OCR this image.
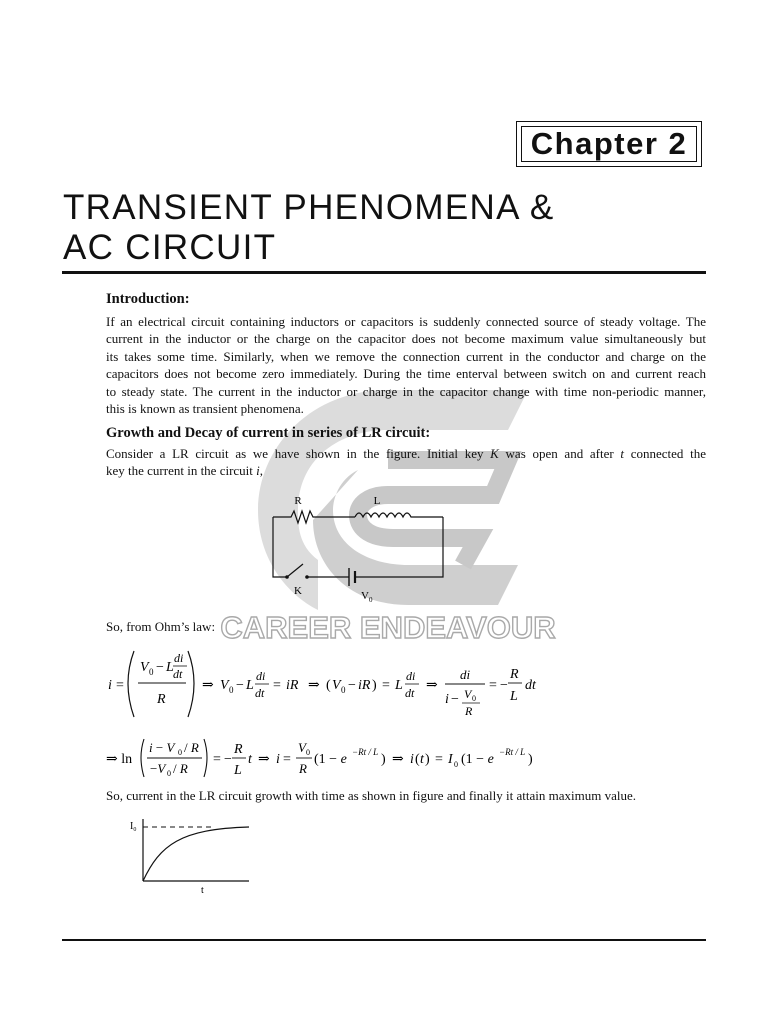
CAREER ENDEAVOUR
Chapter 2
TRANSIENT PHENOMENA &
AC CIRCUIT
Introduction:
If an electrical circuit containing inductors or capacitors is suddenly connected source of steady voltage. The
current in the inductor or the charge on the capacitor does not become maximum value simultaneously but
its takes some time. Similarly, when we remove the connection current in the conductor and charge on the
capacitors does not become zero immediately. During the time enterval between switch on and current reach
to steady state. The current in the inductor or charge in the capacitor change with time non-periodic manner,
this is known as transient phenomena.
Growth and Decay of current in series of LR circuit:
Consider a LR circuit as we have shown in the figure. Initial key K was open and after t connected the
key the current in the circuit i,
R	L
K	$V_0$
So, from Ohm’s law:
i =
V 0 − L
di
dt
R
⇒ V 0 − L
di
dt = iR ⇒ ( V 0 − iR ) = L
di
dt ⇒
di
i − V 0
R
= −
R
L
dt
⇒ ln
i − V 0 / R
−V 0 / R
= −
R
L
t ⇒ i =
V 0
R
(1 − e −Rt / L ) ⇒ i ( t ) = I 0 (1 − e −Rt / L )
So, current in the LR circuit growth with time as shown in figure and finally it attain maximum value.
$I_0$
t
